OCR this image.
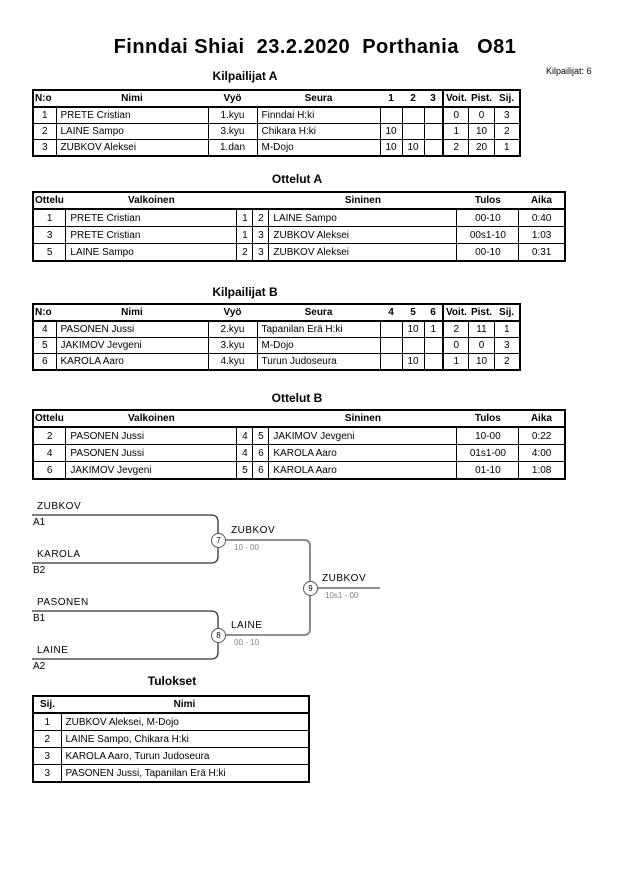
Finndai Shiai  23.2.2020  Porthania   O81
Kilpailijat: 6
Kilpailijat A
N:o	Nimi	Vyö	Seura	1	2	3	Voit.	Pist.	Sij.
1	PRETE Cristian	1.kyu	Finndai H:ki				0	0	3
2	LAINE Sampo	3.kyu	Chikara H:ki	10			1	10	2
3	ZUBKOV Aleksei	1.dan	M-Dojo	10	10		2	20	1
Ottelut A
Ottelu	Valkoinen			Sininen	Tulos	Aika
1	PRETE Cristian	1	2	LAINE Sampo	00-10	0:40
3	PRETE Cristian	1	3	ZUBKOV Aleksei	00s1-10	1:03
5	LAINE Sampo	2	3	ZUBKOV Aleksei	00-10	0:31
Kilpailijat B
N:o	Nimi	Vyö	Seura	4	5	6	Voit.	Pist.	Sij.
4	PASONEN Jussi	2.kyu	Tapanilan Erä H:ki		10	1	2	11	1
5	JAKIMOV Jevgeni	3.kyu	M-Dojo				0	0	3
6	KAROLA Aaro	4.kyu	Turun Judoseura		10		1	10	2
Ottelut B
Ottelu	Valkoinen			Sininen	Tulos	Aika
2	PASONEN Jussi	4	5	JAKIMOV Jevgeni	10-00	0:22
4	PASONEN Jussi	4	6	KAROLA Aaro	01s1-00	4:00
6	JAKIMOV Jevgeni	5	6	KAROLA Aaro	01-10	1:08
ZUBKOV
A1
KAROLA
B2
PASONEN
B1
LAINE
A2
7
ZUBKOV
10 - 00
8
LAINE
00 - 10
9
ZUBKOV
10s1 - 00
Tulokset
Sij.	Nimi
1	ZUBKOV Aleksei, M-Dojo
2	LAINE Sampo, Chikara H:ki
3	KAROLA Aaro, Turun Judoseura
3	PASONEN Jussi, Tapanilan Erä H:ki
